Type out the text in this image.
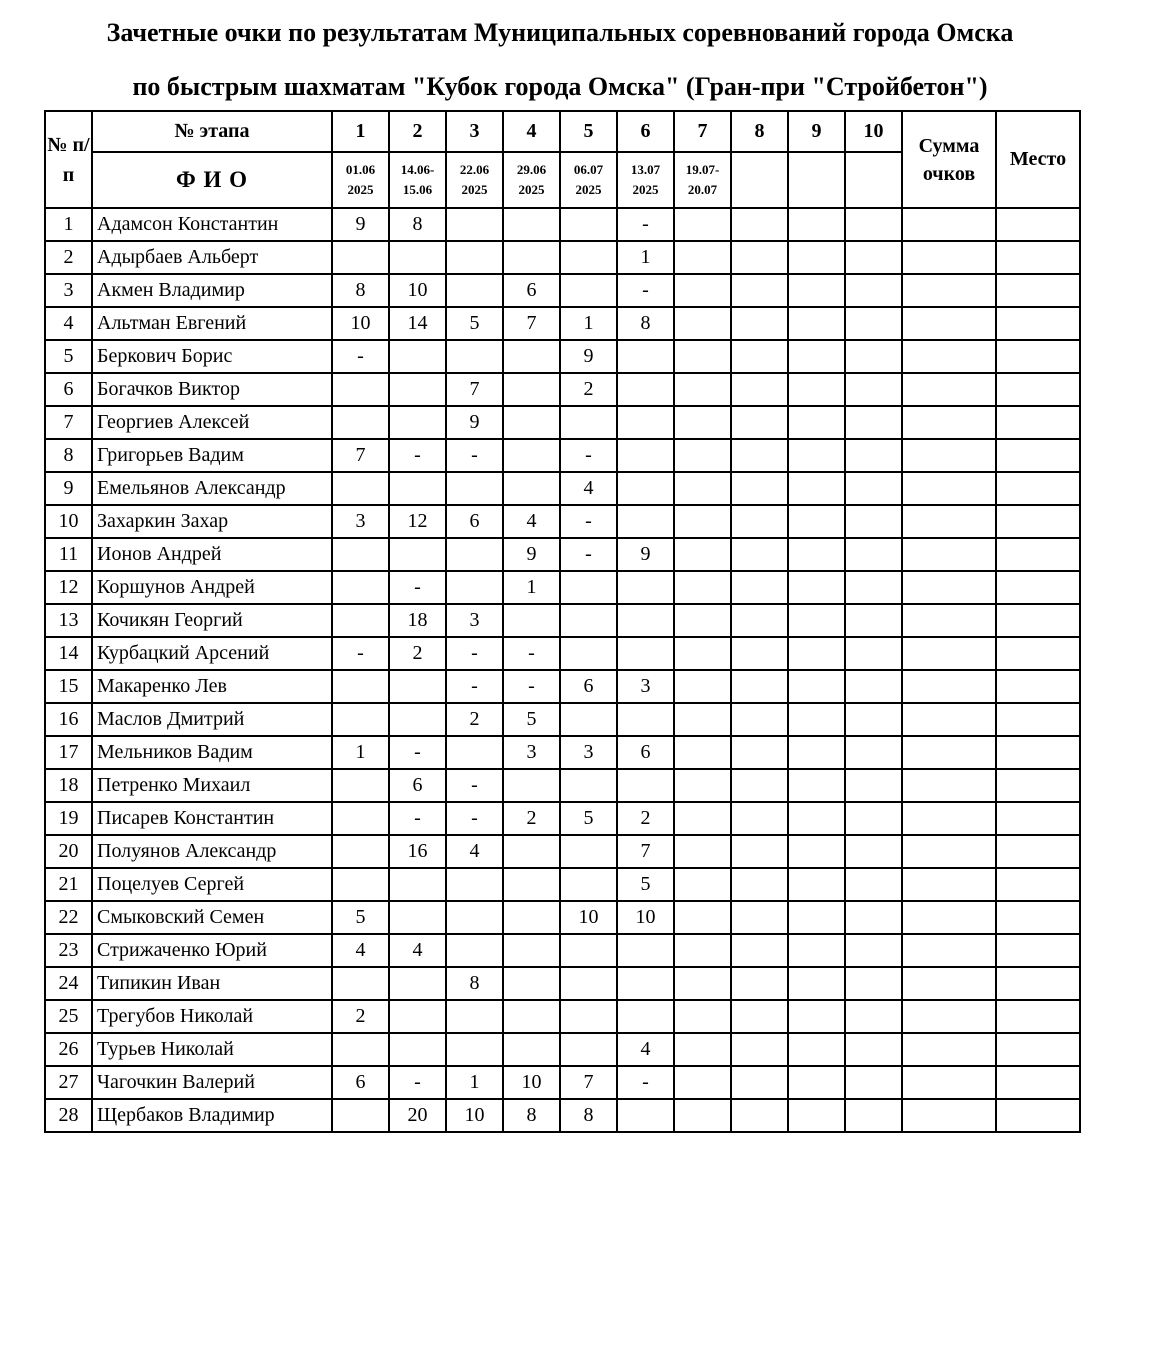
Зачетные очки по результатам Муниципальных соревнований города Омска
по быстрым шахматам "Кубок города Омска" (Гран-при "Стройбетон")
№ п/п	№ этапа	1	2	3	4	5	6	7	8	9	10	Сумма очков	Место
	Ф И О	01.06 2025	14.06- 15.06	22.06 2025	29.06 2025	06.07 2025	13.07 2025	19.07- 20.07					
1	Адамсон Константин	9	8				-						
2	Адырбаев Альберт						1						
3	Акмен Владимир	8	10		6		-						
4	Альтман Евгений	10	14	5	7	1	8						
5	Беркович Борис	-				9							
6	Богачков Виктор			7		2							
7	Георгиев Алексей			9									
8	Григорьев Вадим	7	-	-		-							
9	Емельянов Александр					4							
10	Захаркин Захар	3	12	6	4	-							
11	Ионов Андрей				9	-	9						
12	Коршунов Андрей		-		1								
13	Кочикян Георгий		18	3									
14	Курбацкий Арсений	-	2	-	-								
15	Макаренко Лев			-	-	6	3						
16	Маслов Дмитрий			2	5								
17	Мельников Вадим	1	-		3	3	6						
18	Петренко Михаил		6	-									
19	Писарев Константин		-	-	2	5	2						
20	Полуянов Александр		16	4			7						
21	Поцелуев Сергей						5						
22	Смыковский Семен	5				10	10						
23	Стрижаченко Юрий	4	4										
24	Типикин Иван			8									
25	Трегубов Николай	2											
26	Турьев Николай						4						
27	Чагочкин Валерий	6	-	1	10	7	-						
28	Щербаков Владимир		20	10	8	8							
